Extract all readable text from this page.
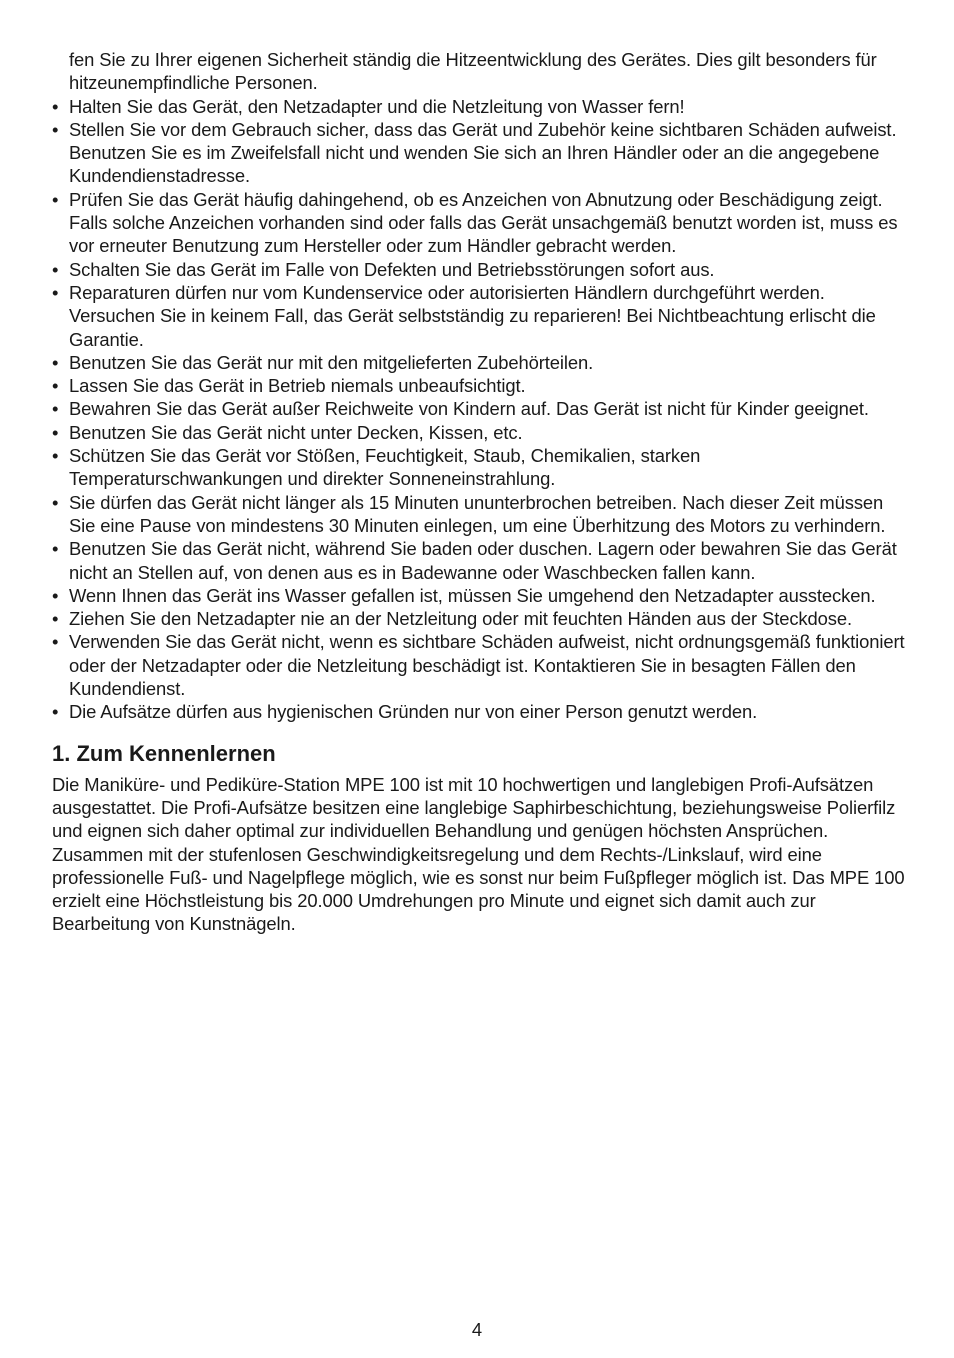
fen Sie zu Ihrer eigenen Sicherheit ständig die Hitzeentwicklung des Gerätes. Dies gilt besonders für hitzeunempfindliche Personen.

• Halten Sie das Gerät, den Netzadapter und die Netzleitung von Wasser fern!
• Stellen Sie vor dem Gebrauch sicher, dass das Gerät und Zubehör keine sichtbaren Schäden aufweist. Benutzen Sie es im Zweifelsfall nicht und wenden Sie sich an Ihren Händler oder an die angegebene Kundendienstadresse.
• Prüfen Sie das Gerät häufig dahingehend, ob es Anzeichen von Abnutzung oder Beschädigung zeigt. Falls solche Anzeichen vorhanden sind oder falls das Gerät unsachgemäß benutzt worden ist, muss es vor erneuter Benutzung zum Hersteller oder zum Händler gebracht werden.
• Schalten Sie das Gerät im Falle von Defekten und Betriebsstörungen sofort aus.
• Reparaturen dürfen nur vom Kundenservice oder autorisierten Händlern durchgeführt werden. Versuchen Sie in keinem Fall, das Gerät selbstständig zu reparieren! Bei Nichtbeachtung erlischt die Garantie.
• Benutzen Sie das Gerät nur mit den mitgelieferten Zubehörteilen.
• Lassen Sie das Gerät in Betrieb niemals unbeaufsichtigt.
• Bewahren Sie das Gerät außer Reichweite von Kindern auf. Das Gerät ist nicht für Kinder geeignet.
• Benutzen Sie das Gerät nicht unter Decken, Kissen, etc.
• Schützen Sie das Gerät vor Stößen, Feuchtigkeit, Staub, Chemikalien, starken Temperaturschwankungen und direkter Sonneneinstrahlung.
• Sie dürfen das Gerät nicht länger als 15 Minuten ununterbrochen betreiben. Nach dieser Zeit müssen Sie eine Pause von mindestens 30 Minuten einlegen, um eine Überhitzung des Motors zu verhindern.
• Benutzen Sie das Gerät nicht, während Sie baden oder duschen. Lagern oder bewahren Sie das Gerät nicht an Stellen auf, von denen aus es in Badewanne oder Waschbecken fallen kann.
• Wenn Ihnen das Gerät ins Wasser gefallen ist, müssen Sie umgehend den Netzadapter ausstecken.
• Ziehen Sie den Netzadapter nie an der Netzleitung oder mit feuchten Händen aus der Steckdose.
• Verwenden Sie das Gerät nicht, wenn es sichtbare Schäden aufweist, nicht ordnungsgemäß funktioniert oder der Netzadapter oder die Netzleitung beschädigt ist. Kontaktieren Sie in besagten Fällen den Kundendienst.
• Die Aufsätze dürfen aus hygienischen Gründen nur von einer Person genutzt werden.
1. Zum Kennenlernen

Die Maniküre- und Pediküre-Station MPE 100 ist mit 10 hochwertigen und langlebigen Profi-Aufsätzen ausgestattet. Die Profi-Aufsätze besitzen eine langlebige Saphirbeschichtung, beziehungsweise Polierfilz und eignen sich daher optimal zur individuellen Behandlung und genügen höchsten Ansprüchen.

Zusammen mit der stufenlosen Geschwindigkeitsregelung und dem Rechts-/Linkslauf, wird eine professionelle Fuß- und Nagelpflege möglich, wie es sonst nur beim Fußpfleger möglich ist. Das MPE 100 erzielt eine Höchstleistung bis 20.000 Umdrehungen pro Minute und eignet sich damit auch zur Bearbeitung von Kunstnägeln.

4
